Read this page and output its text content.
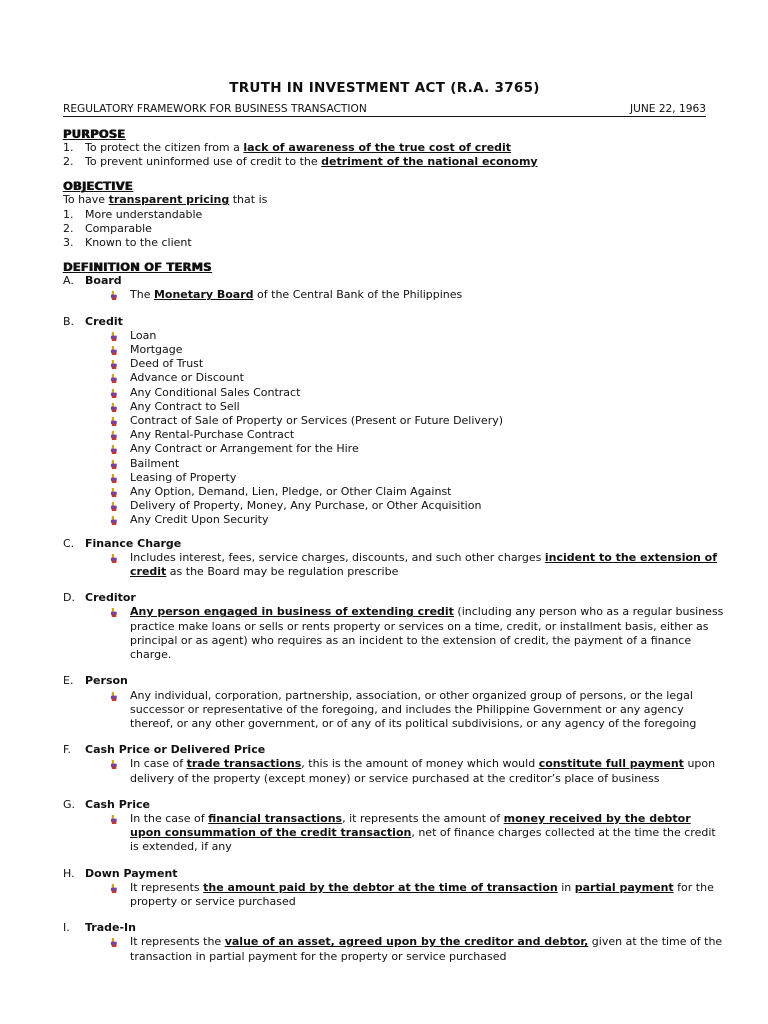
TRUTH IN INVESTMENT ACT (R.A. 3765)
REGULATORY FRAMEWORK FOR BUSINESS TRANSACTION	JUNE 22, 1963
PURPOSE
1. To protect the citizen from a lack of awareness of the true cost of credit
2. To prevent uninformed use of credit to the detriment of the national economy
OBJECTIVE
To have transparent pricing that is
1. More understandable
2. Comparable
3. Known to the client
DEFINITION OF TERMS
A. Board
The Monetary Board of the Central Bank of the Philippines
B. Credit
Loan
Mortgage
Deed of Trust
Advance or Discount
Any Conditional Sales Contract
Any Contract to Sell
Contract of Sale of Property or Services (Present or Future Delivery)
Any Rental-Purchase Contract
Any Contract or Arrangement for the Hire
Bailment
Leasing of Property
Any Option, Demand, Lien, Pledge, or Other Claim Against
Delivery of Property, Money, Any Purchase, or Other Acquisition
Any Credit Upon Security
C. Finance Charge
Includes interest, fees, service charges, discounts, and such other charges incident to the extension of
credit as the Board may be regulation prescribe
D. Creditor
Any person engaged in business of extending credit (including any person who as a regular business
practice make loans or sells or rents property or services on a time, credit, or installment basis, either as
principal or as agent) who requires as an incident to the extension of credit, the payment of a finance
charge.
E. Person
Any individual, corporation, partnership, association, or other organized group of persons, or the legal
successor or representative of the foregoing, and includes the Philippine Government or any agency
thereof, or any other government, or of any of its political subdivisions, or any agency of the foregoing
F. Cash Price or Delivered Price
In case of trade transactions, this is the amount of money which would constitute full payment upon
delivery of the property (except money) or service purchased at the creditor’s place of business
G. Cash Price
In the case of financial transactions, it represents the amount of money received by the debtor
upon consummation of the credit transaction, net of finance charges collected at the time the credit
is extended, if any
H. Down Payment
It represents the amount paid by the debtor at the time of transaction in partial payment for the
property or service purchased
I. Trade-In
It represents the value of an asset, agreed upon by the creditor and debtor, given at the time of the
transaction in partial payment for the property or service purchased
